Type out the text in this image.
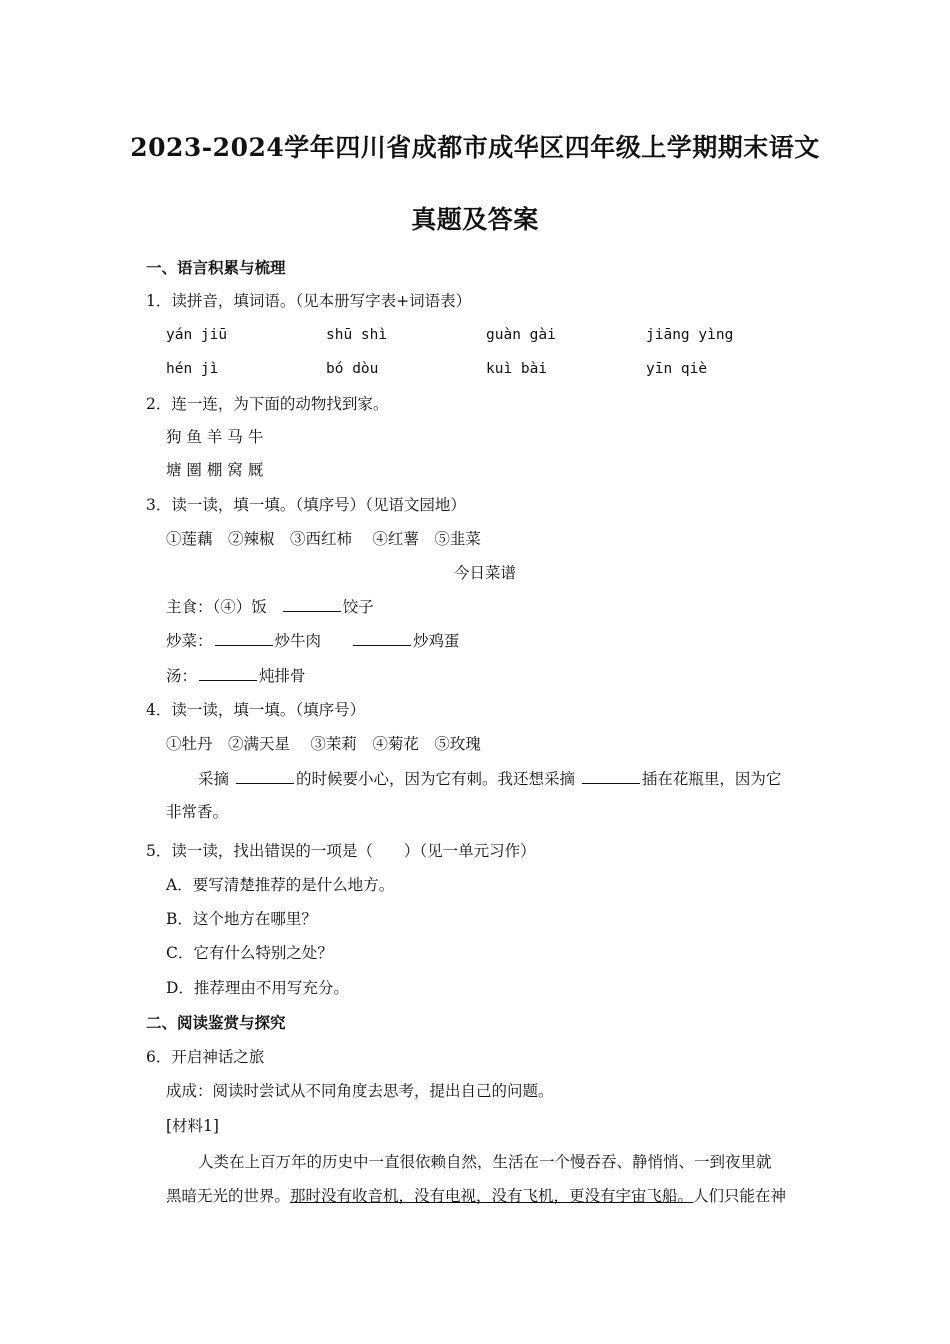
2023-2024学年四川省成都市成华区四年级上学期期末语文
真题及答案
一、语言积累与梳理
1．读拼音，填词语。（见本册写字表+词语表）
yán jiū	shū shì	guàn gài	jiāng yìng
hén jì	bó dòu	kuì bài	yīn qiè
2．连一连，为下面的动物找到家。
狗 鱼 羊 马 牛
塘 圈 棚 窝 厩
3．读一读，填一填。（填序号）（见语文园地）
①莲藕　②辣椒　③西红柿　 ④红薯　⑤韭菜
今日菜谱
主食：（④）饭	饺子
炒菜：	炒牛肉	炒鸡蛋
汤：	炖排骨
4．读一读，填一填。（填序号）
①牡丹　②满天星　 ③茉莉　④菊花　⑤玫瑰
采摘	的时候要小心，因为它有刺。我还想采摘	插在花瓶里，因为它
非常香。
5．读一读，找出错误的一项是（　　）（见一单元习作）
A．要写清楚推荐的是什么地方。
B．这个地方在哪里？
C．它有什么特别之处？
D．推荐理由不用写充分。
二、阅读鉴赏与探究
6．开启神话之旅
成成：阅读时尝试从不同角度去思考，提出自己的问题。
[材料1]
人类在上百万年的历史中一直很依赖自然，生活在一个慢吞吞、静悄悄、一到夜里就
黑暗无光的世界。那时没有收音机，没有电视，没有飞机，更没有宇宙飞船。人们只能在神
